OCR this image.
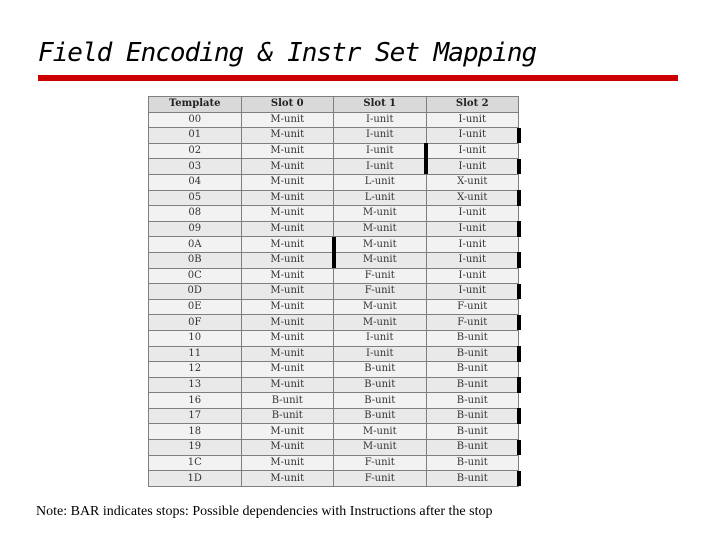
Field Encoding & Instr Set Mapping
Template	Slot 0	Slot 1	Slot 2
00	M-unit	I-unit	I-unit
01	M-unit	I-unit	I-unit
02	M-unit	I-unit	I-unit
03	M-unit	I-unit	I-unit
04	M-unit	L-unit	X-unit
05	M-unit	L-unit	X-unit
08	M-unit	M-unit	I-unit
09	M-unit	M-unit	I-unit
0A	M-unit	M-unit	I-unit
0B	M-unit	M-unit	I-unit
0C	M-unit	F-unit	I-unit
0D	M-unit	F-unit	I-unit
0E	M-unit	M-unit	F-unit
0F	M-unit	M-unit	F-unit
10	M-unit	I-unit	B-unit
11	M-unit	I-unit	B-unit
12	M-unit	B-unit	B-unit
13	M-unit	B-unit	B-unit
16	B-unit	B-unit	B-unit
17	B-unit	B-unit	B-unit
18	M-unit	M-unit	B-unit
19	M-unit	M-unit	B-unit
1C	M-unit	F-unit	B-unit
1D	M-unit	F-unit	B-unit
Note: BAR indicates stops: Possible dependencies with Instructions after the stop
